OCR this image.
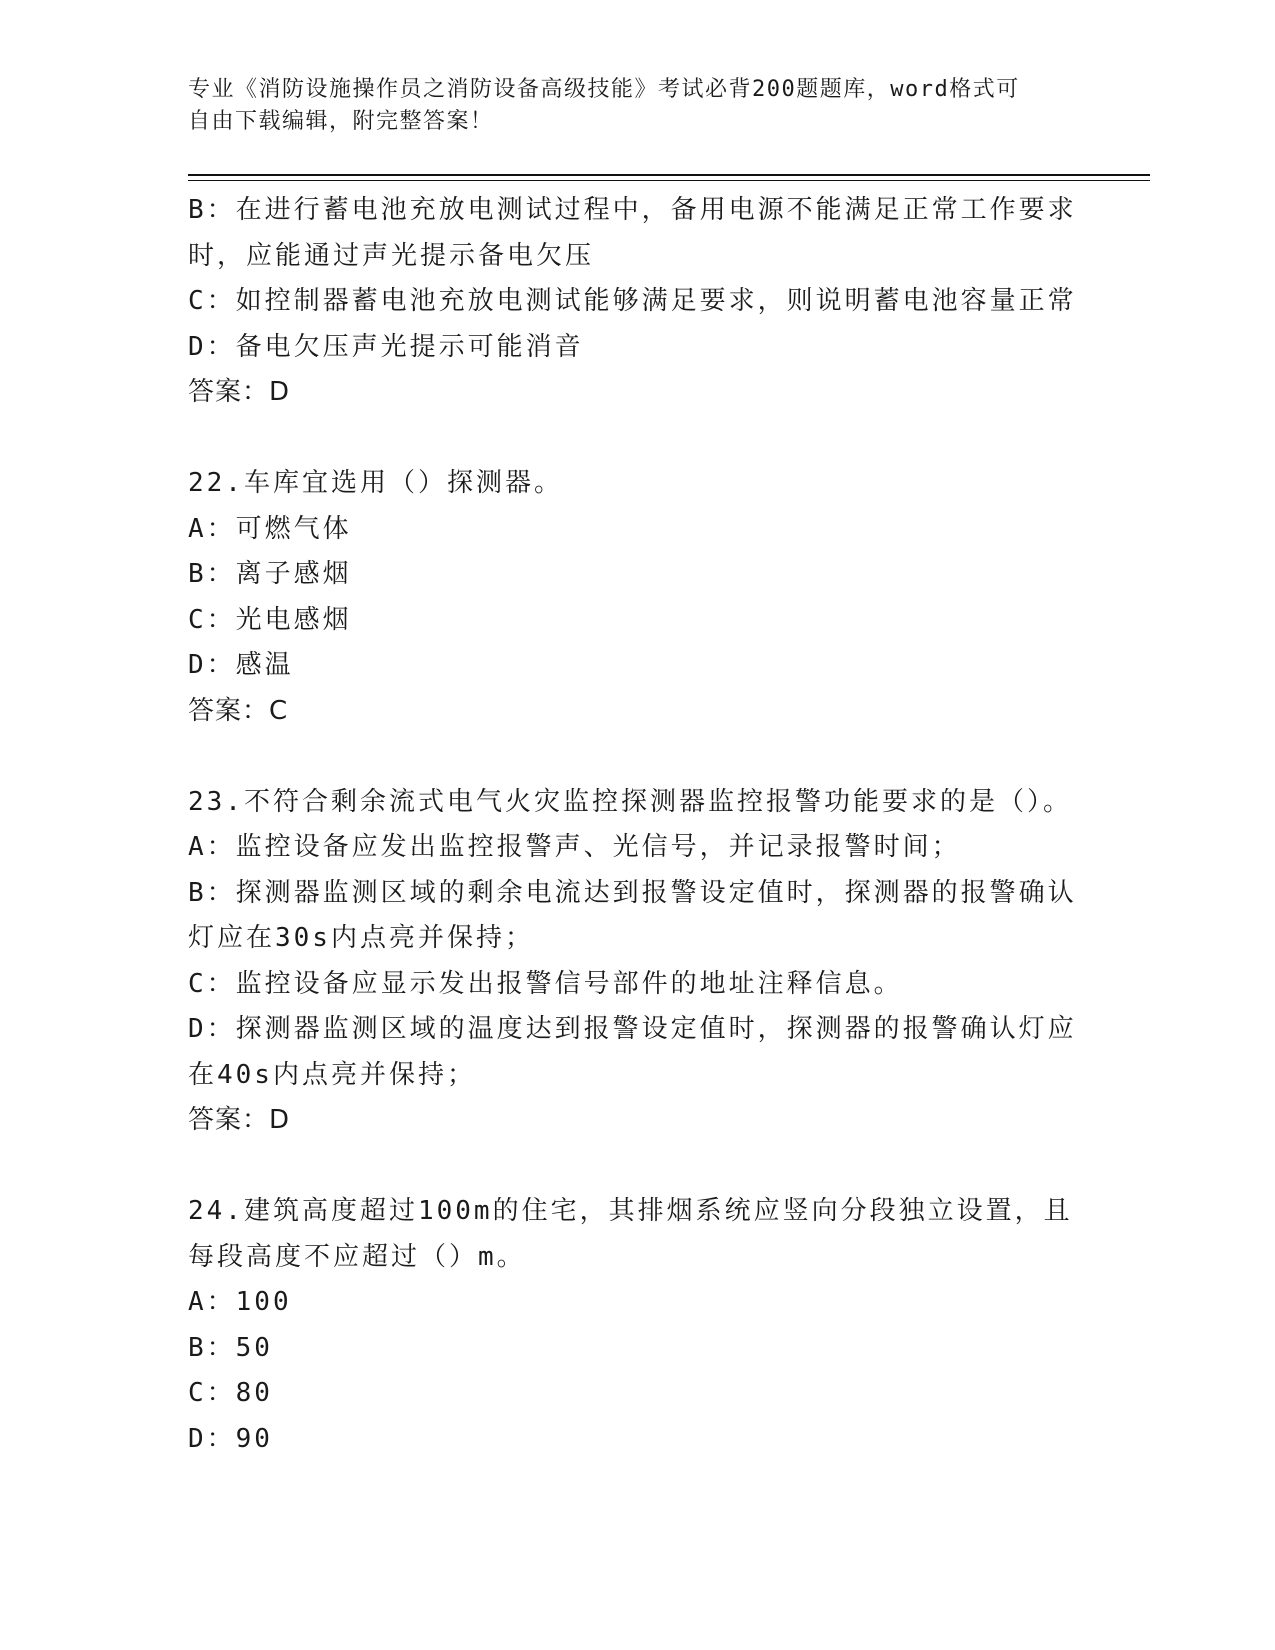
专业《消防设施操作员之消防设备高级技能》考试必背200题题库，word格式可
自由下载编辑，附完整答案！
B：在进行蓄电池充放电测试过程中，备用电源不能满足正常工作要求
时，应能通过声光提示备电欠压
C：如控制器蓄电池充放电测试能够满足要求，则说明蓄电池容量正常
D：备电欠压声光提示可能消音
答案：D
22.车库宜选用（）探测器。
A：可燃气体
B：离子感烟
C：光电感烟
D：感温
答案：C
23.不符合剩余流式电气火灾监控探测器监控报警功能要求的是（）。
A：监控设备应发出监控报警声、光信号，并记录报警时间；
B：探测器监测区域的剩余电流达到报警设定值时，探测器的报警确认
灯应在30s内点亮并保持；
C：监控设备应显示发出报警信号部件的地址注释信息。
D：探测器监测区域的温度达到报警设定值时，探测器的报警确认灯应
在40s内点亮并保持；
答案：D
24.建筑高度超过100m的住宅，其排烟系统应竖向分段独立设置，且
每段高度不应超过（）m。
A：100
B：50
C：80
D：90
